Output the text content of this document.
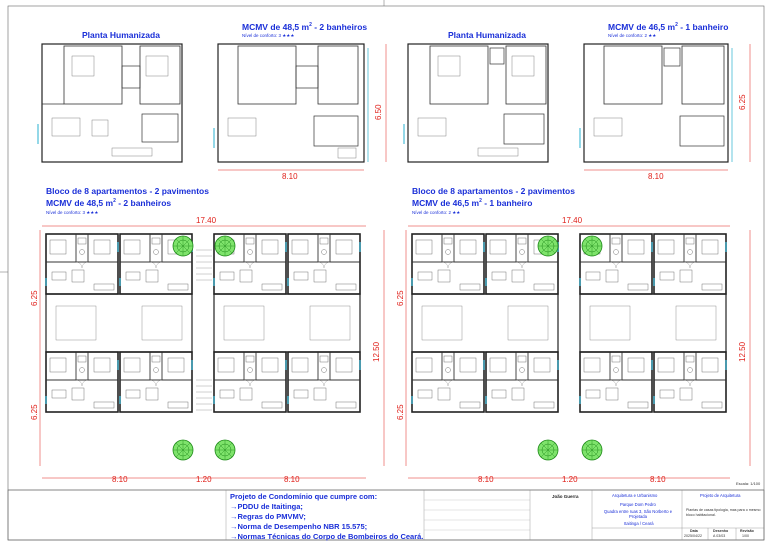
Planta Humanizada
MCMV de 48,5 $m^2 - 2$ banheiros
Nível de conforto: 3 ★★★
8.10
6.50
Planta Humanizada
MCMV de 46,5 $m^2 - 1$ banheiro
Nível de conforto: 2 ★★
8.10
6.25
Bloco de 8 apartamentos - 2 pavimentos
MCMV de 48,5 $m^2 - 2$ banheiros
Nível de conforto: 3 ★★★
17.40
6.25
6.25
12.50
8.10	1.20	8.10
Bloco de 8 apartamentos - 2 pavimentos
MCMV de 46,5 $m^2 - 1$ banheiro
Nível de conforto: 2 ★★
17.40
6.25
6.25
12.50
8.10	1.20	8.10	Escala: 1/100
Projeto de Condomínio que cumpre com:
→PDDU de Itaitinga;
→Regras do PMVMV;
→Norma de Desempenho NBR 15.575;
→Normas Técnicas do Corpo de Bombeiros do Ceará.
João Guerra	Arquitetura e Urbanismo	Projeto de Arquitetura
Parque Dom Pedro
Quadra entre ruas 3, São Norberto e Projetada
Itaitinga / Ceará
Plantas de casas tipologia, mas para o mesmo bloco habitacional.
Data
2025/04/22
Desenho
A 03/03
Revisão
1/00
